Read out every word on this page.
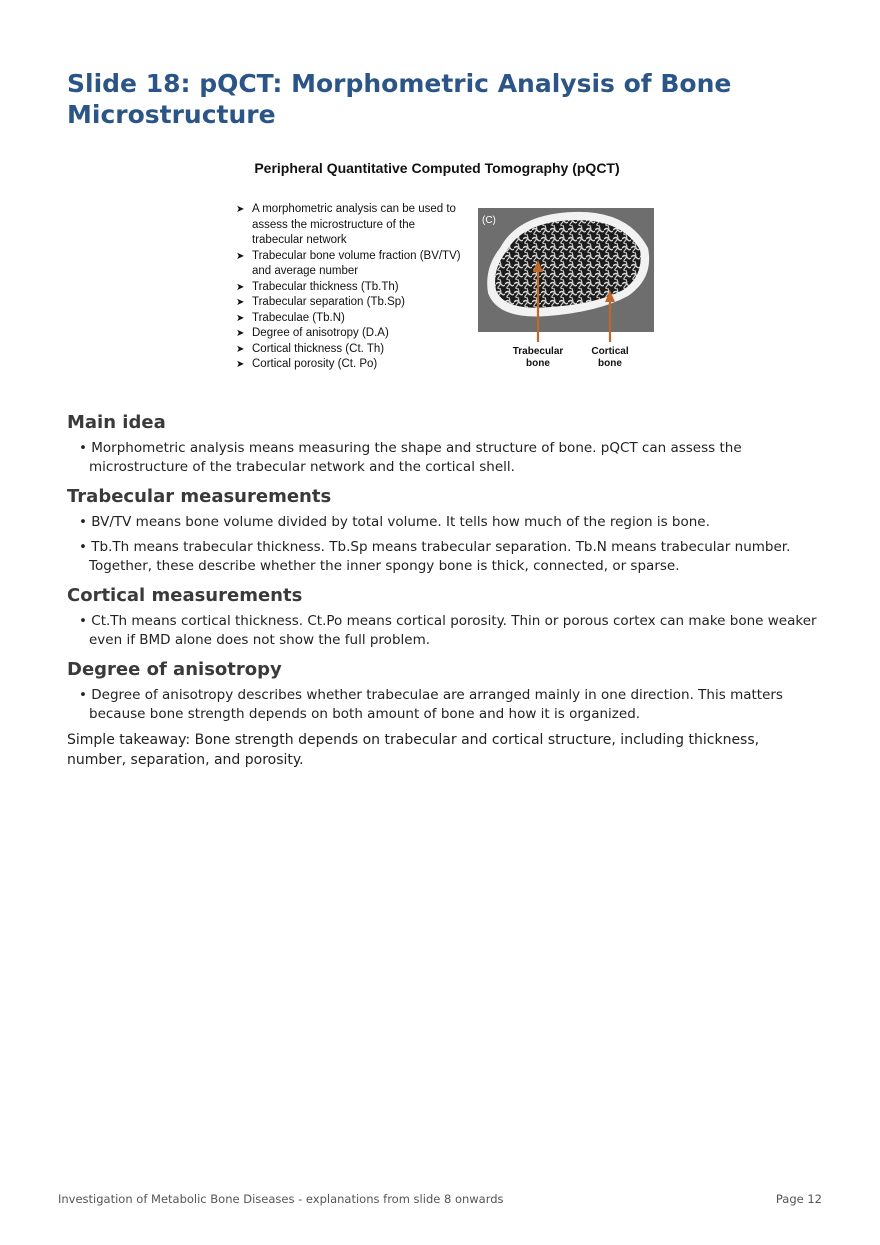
Slide 18: pQCT: Morphometric Analysis of Bone Microstructure
Peripheral Quantitative Computed Tomography (pQCT)
➤ A morphometric analysis can be used to assess the microstructure of the trabecular network
➤ Trabecular bone volume fraction (BV/TV) and average number
➤ Trabecular thickness (Tb.Th)
➤ Trabecular separation (Tb.Sp)
➤ Trabeculae (Tb.N)
➤ Degree of anisotropy (D.A)
➤ Cortical thickness (Ct. Th)
➤ Cortical porosity (Ct. Po)
(C)
Trabecular
bone
Cortical
bone
Main idea

• Morphometric analysis means measuring the shape and structure of bone. pQCT can assess the microstructure of the trabecular network and the cortical shell.

Trabecular measurements

• BV/TV means bone volume divided by total volume. It tells how much of the region is bone.

• Tb.Th means trabecular thickness. Tb.Sp means trabecular separation. Tb.N means trabecular number. Together, these describe whether the inner spongy bone is thick, connected, or sparse.

Cortical measurements

• Ct.Th means cortical thickness. Ct.Po means cortical porosity. Thin or porous cortex can make bone weaker even if BMD alone does not show the full problem.

Degree of anisotropy

• Degree of anisotropy describes whether trabeculae are arranged mainly in one direction. This matters because bone strength depends on both amount of bone and how it is organized.

Simple takeaway: Bone strength depends on trabecular and cortical structure, including thickness, number, separation, and porosity.

Investigation of Metabolic Bone Diseases - explanations from slide 8 onwards	Page 12
